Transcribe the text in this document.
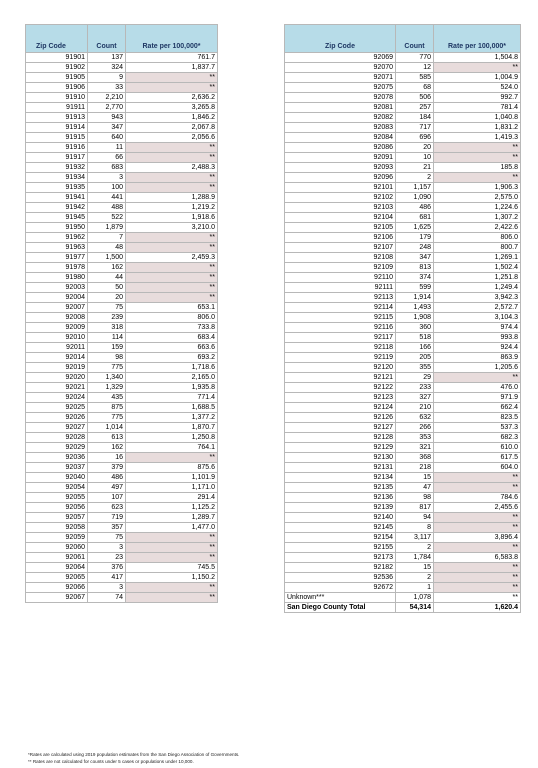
Zip Code	Count	Rate per 100,000*
91901	137	761.7
91902	324	1,837.7
91905	9	**
91906	33	**
91910	2,210	2,636.2
91911	2,770	3,265.8
91913	943	1,846.2
91914	347	2,067.8
91915	640	2,056.6
91916	11	**
91917	66	**
91932	683	2,488.3
91934	3	**
91935	100	**
91941	441	1,288.9
91942	488	1,219.2
91945	522	1,918.6
91950	1,879	3,210.0
91962	7	**
91963	48	**
91977	1,500	2,459.3
91978	162	**
91980	44	**
92003	50	**
92004	20	**
92007	75	653.1
92008	239	806.0
92009	318	733.8
92010	114	683.4
92011	159	663.6
92014	98	693.2
92019	775	1,718.6
92020	1,340	2,165.0
92021	1,329	1,935.8
92024	435	771.4
92025	875	1,688.5
92026	775	1,377.2
92027	1,014	1,870.7
92028	613	1,250.8
92029	162	764.1
92036	16	**
92037	379	875.6
92040	486	1,101.9
92054	497	1,171.0
92055	107	291.4
92056	623	1,125.2
92057	719	1,289.7
92058	357	1,477.0
92059	75	**
92060	3	**
92061	23	**
92064	376	745.5
92065	417	1,150.2
92066	3	**
92067	74	**
Zip Code	Count	Rate per 100,000*
92069	770	1,504.8
92070	12	**
92071	585	1,004.9
92075	68	524.0
92078	506	992.7
92081	257	781.4
92082	184	1,040.8
92083	717	1,831.2
92084	696	1,419.3
92086	20	**
92091	10	**
92093	21	185.8
92096	2	**
92101	1,157	1,906.3
92102	1,090	2,575.0
92103	486	1,224.6
92104	681	1,307.2
92105	1,625	2,422.6
92106	179	806.0
92107	248	800.7
92108	347	1,269.1
92109	813	1,502.4
92110	374	1,251.8
92111	599	1,249.4
92113	1,914	3,942.3
92114	1,493	2,572.7
92115	1,908	3,104.3
92116	360	974.4
92117	518	993.8
92118	166	924.4
92119	205	863.9
92120	355	1,205.6
92121	29	**
92122	233	476.0
92123	327	971.9
92124	210	662.4
92126	632	823.5
92127	266	537.3
92128	353	682.3
92129	321	610.0
92130	368	617.5
92131	218	604.0
92134	15	**
92135	47	**
92136	98	784.6
92139	817	2,455.6
92140	94	**
92145	8	**
92154	3,117	3,896.4
92155	2	**
92173	1,784	6,583.8
92182	15	**
92536	2	**
92672	1	**
Unknown***	1,078	**
San Diego County Total	54,314	1,620.4
*Rates are calculated using 2019 population estimates from the San Diego Association of Governments.
** Rates are not calculated for counts under 5 cases or populations under 10,000.
